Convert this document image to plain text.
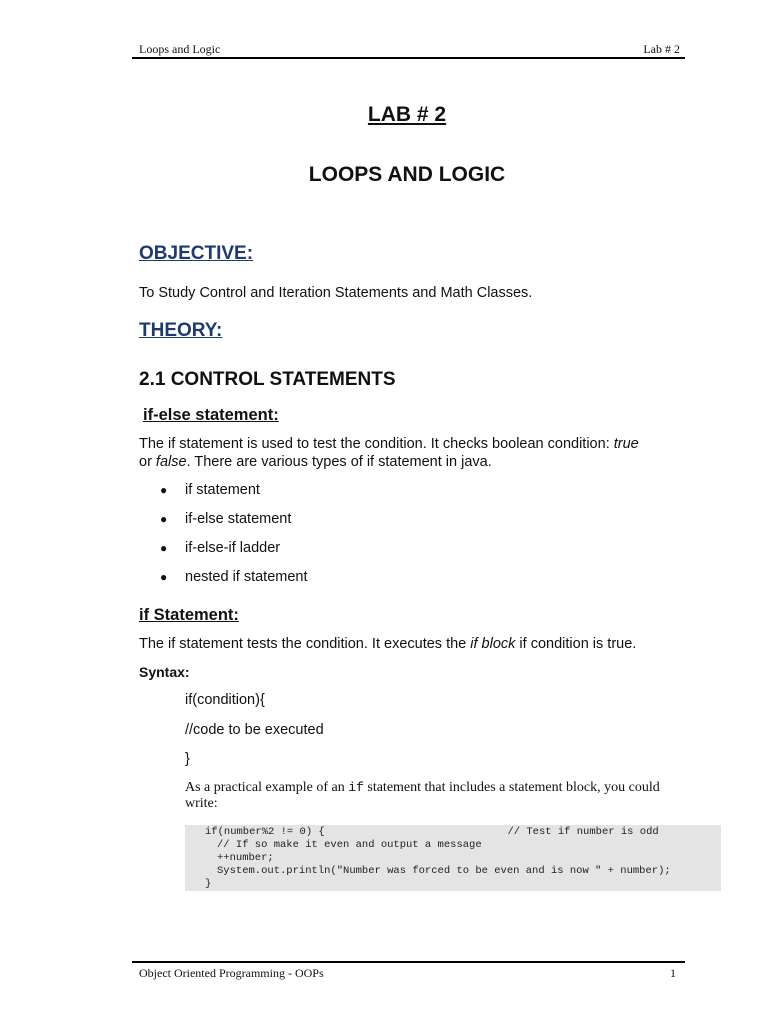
Loops and Logic	Lab # 2
LAB # 2
LOOPS AND LOGIC
OBJECTIVE:
To Study Control and Iteration Statements and Math Classes.
THEORY:
2.1 CONTROL STATEMENTS
if-else statement:
The if statement is used to test the condition. It checks boolean condition: true
or false. There are various types of if statement in java.
● if statement
● if-else statement
● if-else-if ladder
● nested if statement
if Statement:
The if statement tests the condition. It executes the if block if condition is true.
Syntax:
if(condition){
//code to be executed
}
As a practical example of an if statement that includes a statement block, you could write:
if(number%2 != 0) {                             // Test if number is odd
// If so make it even and output a message
++number;
System.out.println("Number was forced to be even and is now " + number);
}
Object Oriented Programming - OOPs	1
